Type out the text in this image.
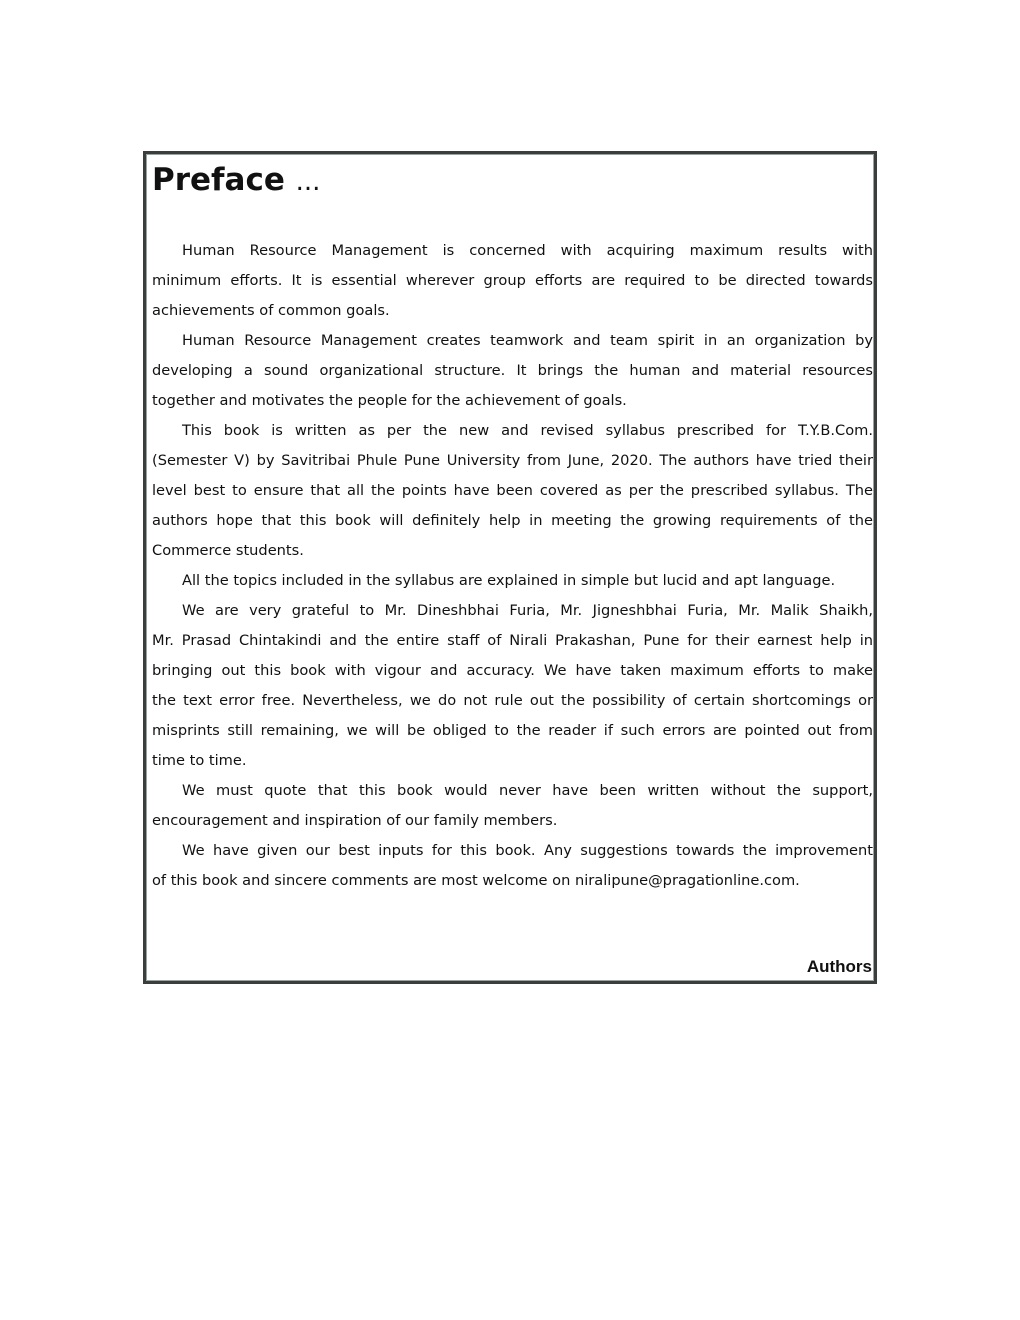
Preface ...
Human Resource Management is concerned with acquiring maximum results with
minimum efforts. It is essential wherever group efforts are required to be directed towards
achievements of common goals.
Human Resource Management creates teamwork and team spirit in an organization by
developing a sound organizational structure. It brings the human and material resources
together and motivates the people for the achievement of goals.
This book is written as per the new and revised syllabus prescribed for T.Y.B.Com.
(Semester V) by Savitribai Phule Pune University from June, 2020. The authors have tried their
level best to ensure that all the points have been covered as per the prescribed syllabus. The
authors hope that this book will definitely help in meeting the growing requirements of the
Commerce students.
All the topics included in the syllabus are explained in simple but lucid and apt language.
We are very grateful to Mr. Dineshbhai Furia, Mr. Jigneshbhai Furia, Mr. Malik Shaikh,
Mr. Prasad Chintakindi and the entire staff of Nirali Prakashan, Pune for their earnest help in
bringing out this book with vigour and accuracy. We have taken maximum efforts to make
the text error free. Nevertheless, we do not rule out the possibility of certain shortcomings or
misprints still remaining, we will be obliged to the reader if such errors are pointed out from
time to time.
We must quote that this book would never have been written without the support,
encouragement and inspiration of our family members.
We have given our best inputs for this book. Any suggestions towards the improvement
of this book and sincere comments are most welcome on niralipune@pragationline.com.
Authors
